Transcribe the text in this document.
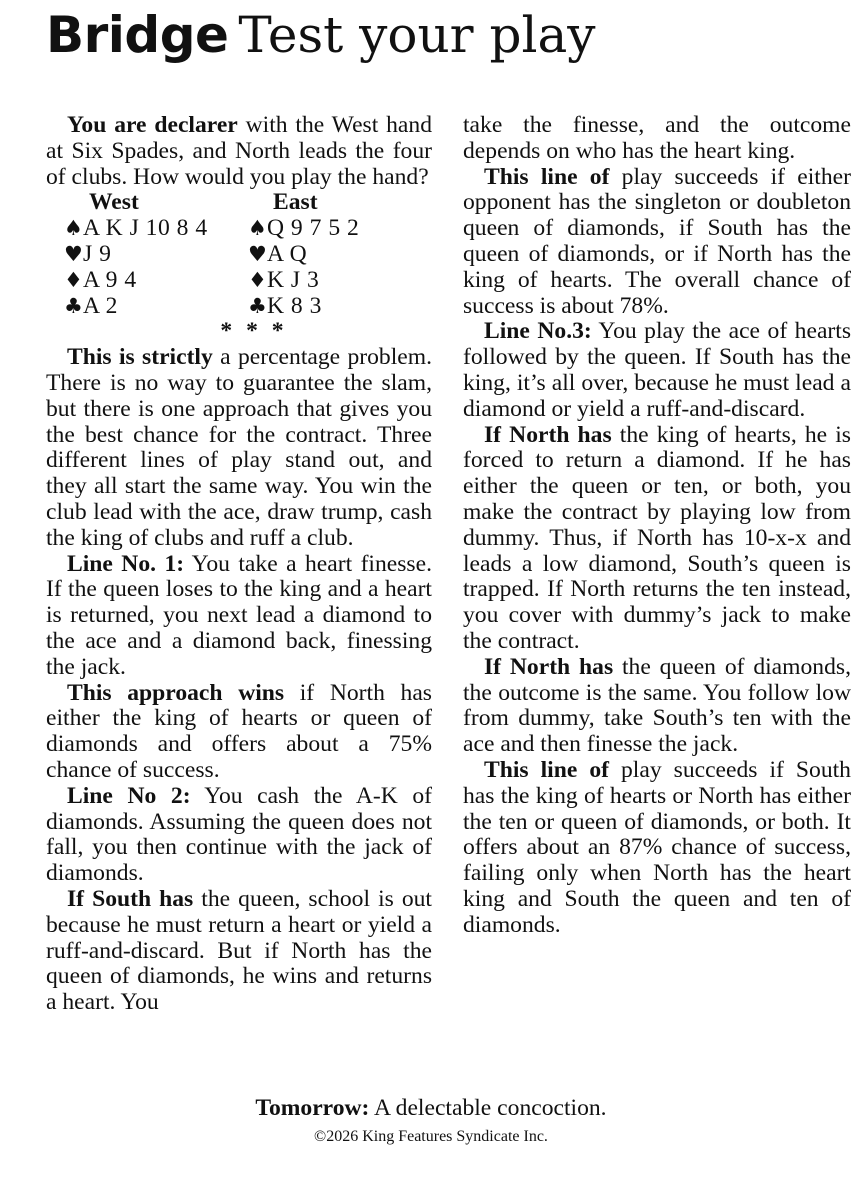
Bridge Test your play

You are declarer with the West hand at Six Spades, and North leads the four of clubs. How would you play the hand?

West
♠A K J 10 8 4
♥J 9
♦A 9 4
♣A 2
East
♠Q 9 7 5 2
♥A Q
♦K J 3
♣K 8 3
* * *

This is strictly a percentage problem. There is no way to guarantee the slam, but there is one approach that gives you the best chance for the contract. Three different lines of play stand out, and they all start the same way. You win the club lead with the ace, draw trump, cash the king of clubs and ruff a club.

Line No. 1: You take a heart finesse. If the queen loses to the king and a heart is returned, you next lead a diamond to the ace and a diamond back, finessing the jack.

This approach wins if North has either the king of hearts or queen of diamonds and offers about a 75% chance of success.

Line No 2: You cash the A-K of diamonds. Assuming the queen does not fall, you then continue with the jack of diamonds.

If South has the queen, school is out because he must return a heart or yield a ruff-and-discard. But if North has the queen of diamonds, he wins and returns a heart. You

take the finesse, and the outcome depends on who has the heart king.

This line of play succeeds if either opponent has the singleton or doubleton queen of diamonds, if South has the queen of diamonds, or if North has the king of hearts. The overall chance of success is about 78%.

Line No.3: You play the ace of hearts followed by the queen. If South has the king, it’s all over, because he must lead a diamond or yield a ruff-and-discard.

If North has the king of hearts, he is forced to return a diamond. If he has either the queen or ten, or both, you make the contract by playing low from dummy. Thus, if North has 10-x-x and leads a low diamond, South’s queen is trapped. If North returns the ten instead, you cover with dummy’s jack to make the contract.

If North has the queen of diamonds, the outcome is the same. You follow low from dummy, take South’s ten with the ace and then finesse the jack.

This line of play succeeds if South has the king of hearts or North has either the ten or queen of diamonds, or both. It offers about an 87% chance of success, failing only when North has the heart king and South the queen and ten of diamonds.

Tomorrow: A delectable concoction.
©2026 King Features Syndicate Inc.
